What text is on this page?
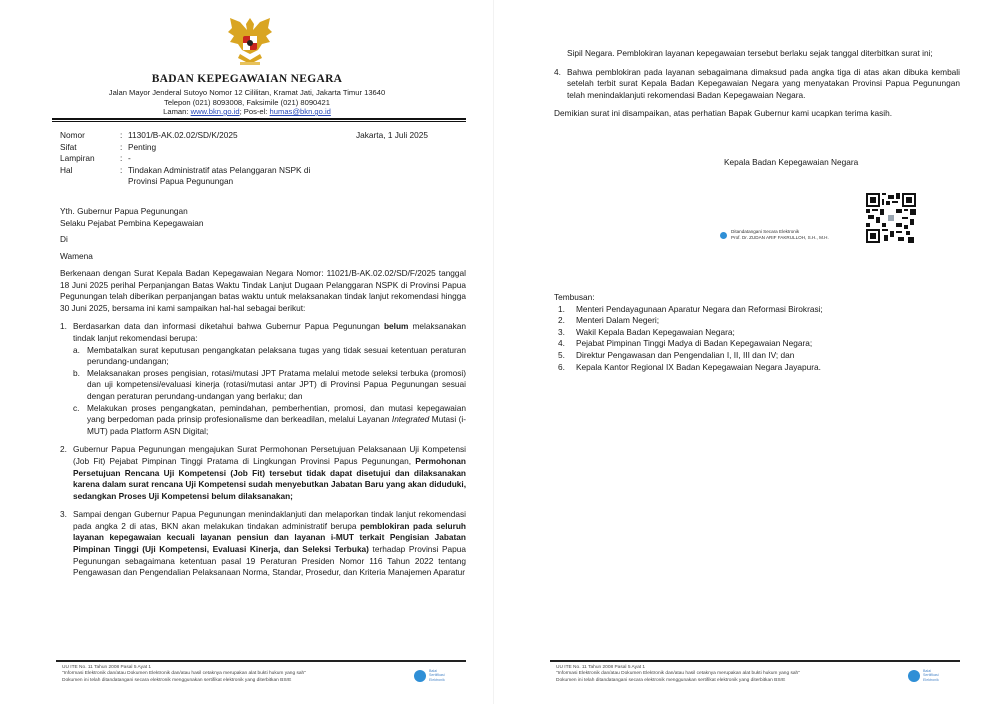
BADAN KEPEGAWAIAN NEGARA
Jalan Mayor Jenderal Sutoyo Nomor 12 Cililitan, Kramat Jati, Jakarta Timur 13640
Telepon (021) 8093008, Faksimile (021) 8090421
Laman: www.bkn.go.id; Pos-el: humas@bkn.go.id
Nomor	: 11301/B-AK.02.02/SD/K/2025
Sifat	: Penting
Lampiran	: -
Hal	: Tindakan Administratif atas Pelanggaran NSPK di Provinsi Papua Pegunungan
Jakarta, 1 Juli 2025
Yth. Gubernur Papua Pegunungan
Selaku Pejabat Pembina Kepegawaian
Di
Wamena

Berkenaan dengan Surat Kepala Badan Kepegawaian Negara Nomor: 11021/B-AK.02.02/SD/F/2025 tanggal 18 Juni 2025 perihal Perpanjangan Batas Waktu Tindak Lanjut Dugaan Pelanggaran NSPK di Provinsi Papua Pegunungan telah diberikan perpanjangan batas waktu untuk melaksanakan tindak lanjut rekomendasi hingga 30 Juni 2025, bersama ini kami sampaikan hal-hal sebagai berikut:

1. Berdasarkan data dan informasi diketahui bahwa Gubernur Papua Pegunungan belum melaksanakan tindak lanjut rekomendasi berupa:
a. Membatalkan surat keputusan pengangkatan pelaksana tugas yang tidak sesuai ketentuan peraturan perundang-undangan;
b. Melaksanakan proses pengisian, rotasi/mutasi JPT Pratama melalui metode seleksi terbuka (promosi) dan uji kompetensi/evaluasi kinerja (rotasi/mutasi antar JPT) di Provinsi Papua Pegunungan sesuai dengan peraturan perundang-undangan yang berlaku; dan
c. Melakukan proses pengangkatan, pemindahan, pemberhentian, promosi, dan mutasi kepegawaian yang berpedoman pada prinsip profesionalisme dan berkeadilan, melalui Layanan Integrated Mutasi (i-MUT) pada Platform ASN Digital;
2. Gubernur Papua Pegunungan mengajukan Surat Permohonan Persetujuan Pelaksanaan Uji Kompetensi (Job Fit) Pejabat Pimpinan Tinggi Pratama di Lingkungan Provinsi Papus Pegunungan, Permohonan Persetujuan Rencana Uji Kompetensi (Job Fit) tersebut tidak dapat disetujui dan dilaksanakan karena dalam surat rencana Uji Kompetensi sudah menyebutkan Jabatan Baru yang akan diduduki, sedangkan Proses Uji Kompetensi belum dilaksanakan;
3. Sampai dengan Gubernur Papua Pegunungan menindaklanjuti dan melaporkan tindak lanjut rekomendasi pada angka 2 di atas, BKN akan melakukan tindakan administratif berupa pemblokiran pada seluruh layanan kepegawaian kecuali layanan pensiun dan layanan i-MUT terkait Pengisian Jabatan Pimpinan Tinggi (Uji Kompetensi, Evaluasi Kinerja, dan Seleksi Terbuka) terhadap Provinsi Papua Pegunungan sebagaimana ketentuan pasal 19 Peraturan Presiden Nomor 116 Tahun 2022 tentang Pengawasan dan Pengendalian Pelaksanaan Norma, Standar, Prosedur, dan Kriteria Manajemen Aparatur
UU ITE No. 11 Tahun 2008 Pasal 5 Ayat 1
"Informasi Elektronik dan/atau Dokumen Elektronik dan/atau hasil cetaknya merupakan alat bukti hukum yang sah"
Dokumen ini telah ditandatangani secara elektronik menggunakan sertifikat elektronik yang diterbitkan BSrE
Balai Sertifikasi Elektronik
Sipil Negara. Pemblokiran layanan kepegawaian tersebut berlaku sejak tanggal diterbitkan surat ini;
4. Bahwa pemblokiran pada layanan sebagaimana dimaksud pada angka tiga di atas akan dibuka kembali setelah terbit surat Kepala Badan Kepegawaian Negara yang menyatakan Provinsi Papua Pegunungan telah menindaklanjuti rekomendasi Badan Kepegawaian Negara.
Demikian surat ini disampaikan, atas perhatian Bapak Gubernur kami ucapkan terima kasih.
Kepala Badan Kepegawaian Negara
Ditandatangani Secara Elektronik
Prof. Dr. ZUDAN ARIF FAKRULLOH, S.H., M.H.
Tembusan:
1.	Menteri Pendayagunaan Aparatur Negara dan Reformasi Birokrasi;
2.	Menteri Dalam Negeri;
3.	Wakil Kepala Badan Kepegawaian Negara;
4.	Pejabat Pimpinan Tinggi Madya di Badan Kepegawaian Negara;
5.	Direktur Pengawasan dan Pengendalian I, II, III dan IV; dan
6.	Kepala Kantor Regional IX Badan Kepegawaian Negara Jayapura.
UU ITE No. 11 Tahun 2008 Pasal 5 Ayat 1
"Informasi Elektronik dan/atau Dokumen Elektronik dan/atau hasil cetaknya merupakan alat bukti hukum yang sah"
Dokumen ini telah ditandatangani secara elektronik menggunakan sertifikat elektronik yang diterbitkan BSrE
Balai Sertifikasi Elektronik
